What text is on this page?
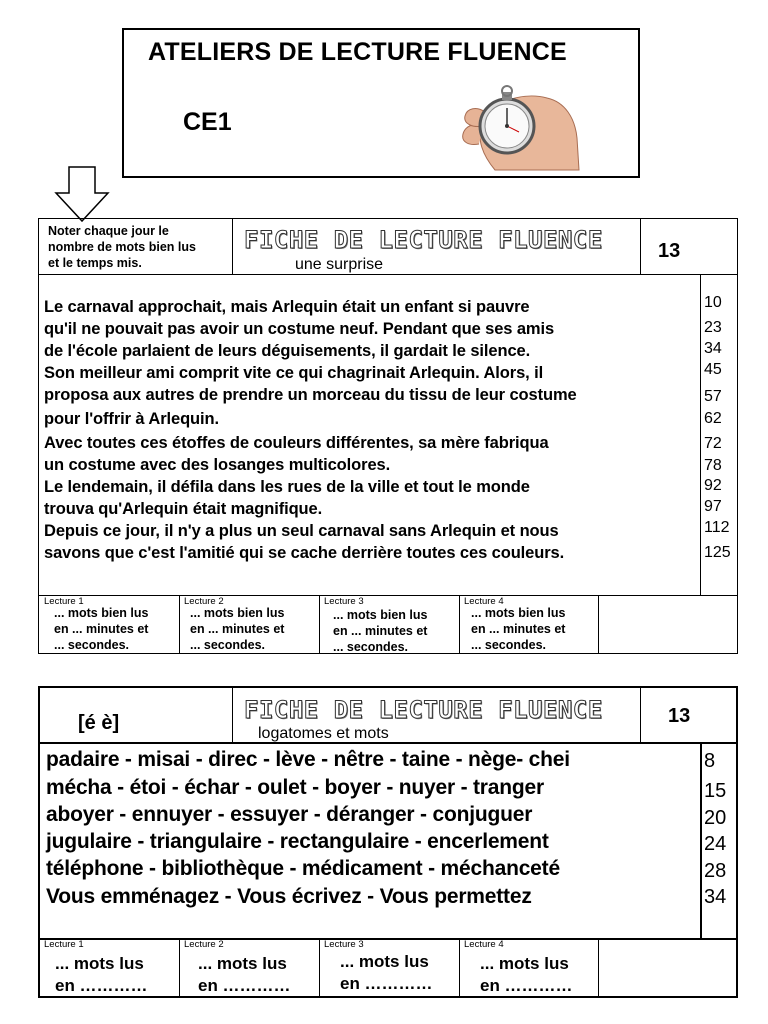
ATELIERS DE LECTURE FLUENCE
CE1
Noter chaque jour le
nombre de mots bien lus
et le temps mis.
FICHE DE LECTURE FLUENCE
une surprise
13
Le carnaval approchait, mais Arlequin était un enfant si pauvre
qu'il ne pouvait pas avoir un costume neuf. Pendant que ses amis
de l'école parlaient de leurs déguisements, il gardait le silence.
Son meilleur ami comprit vite ce qui chagrinait Arlequin. Alors, il
proposa aux autres de prendre un morceau du tissu de leur costume
pour l'offrir à Arlequin.
Avec toutes ces étoffes de couleurs différentes, sa mère fabriqua
un costume avec des losanges multicolores.
Le lendemain, il défila dans les rues de la ville et tout le monde
trouva qu'Arlequin était magnifique.
Depuis ce jour, il n'y a plus un seul carnaval sans Arlequin et nous
savons que c'est l'amitié qui se cache derrière toutes ces couleurs.
10
23
34
45
57
62
72
78
92
97
112
125
Lecture 1
... mots bien lus
en ... minutes et
... secondes.
Lecture 2
... mots bien lus
en ... minutes et
... secondes.
Lecture 3
... mots bien lus
en ... minutes et
... secondes.
Lecture 4
... mots bien lus
en ... minutes et
... secondes.
[é è]	FICHE DE LECTURE FLUENCE
logatomes et mots
13
padaire - misai - direc - lève - nêtre - taine - nège- chei
mécha - étoi - échar - oulet - boyer - nuyer - tranger
aboyer - ennuyer - essuyer - déranger - conjuguer
jugulaire - triangulaire - rectangulaire - encerlement
téléphone - bibliothèque - médicament - méchanceté
Vous emménagez - Vous écrivez - Vous permettez
8
15
20
24
28
34
Lecture 1
... mots lus
en …………
Lecture 2
... mots lus
en …………
Lecture 3
... mots lus
en …………
Lecture 4
... mots lus
en …………
